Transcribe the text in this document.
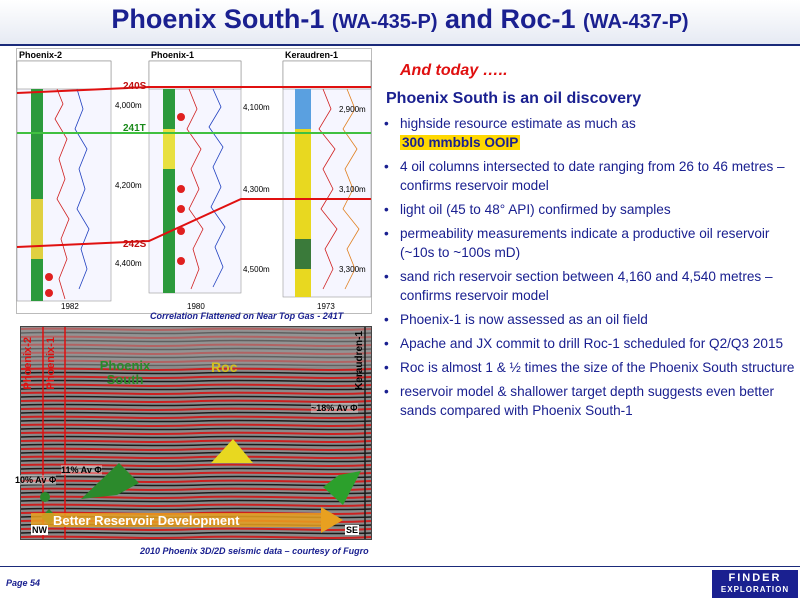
Phoenix South-1 (WA-435-P) and Roc-1 (WA-437-P)
Phoenix-2	Phoenix-1	Keraudren-1
4,000m
4,200m
4,400m
4,100m
4,300m
4,500m
2,900m
3,100m
3,300m
240S
241T
242S
1982	1980	1973
Correlation Flattened on Near Top Gas - 241T
Phoenix-2 Phoenix-1	Phoenix South
Roc	Keraudren-1
10% Av Φ
11% Av Φ
~18% Av Φ
Better Reservoir Development
NW	SE
2010 Phoenix 3D/2D seismic data – courtesy of Fugro
And today …..
Phoenix South is an oil discovery
• highside resource estimate as much as
300 mmbbls OOIP
• 4 oil columns intersected to date ranging from 26 to 46 metres – confirms reservoir model
• light oil (45 to 48° API) confirmed by samples
• permeability measurements indicate a productive oil reservoir (~10s to ~100s mD)
• sand rich reservoir section between 4,160 and 4,540 metres – confirms reservoir model
• Phoenix-1 is now assessed as an oil field
• Apache and JX commit to drill Roc-1 scheduled for Q2/Q3 2015
• Roc is almost 1 & ½ times the size of the Phoenix South structure
• reservoir model & shallower target depth suggests even better sands compared with Phoenix South-1
Page 54	FINDER
EXPLORATION
